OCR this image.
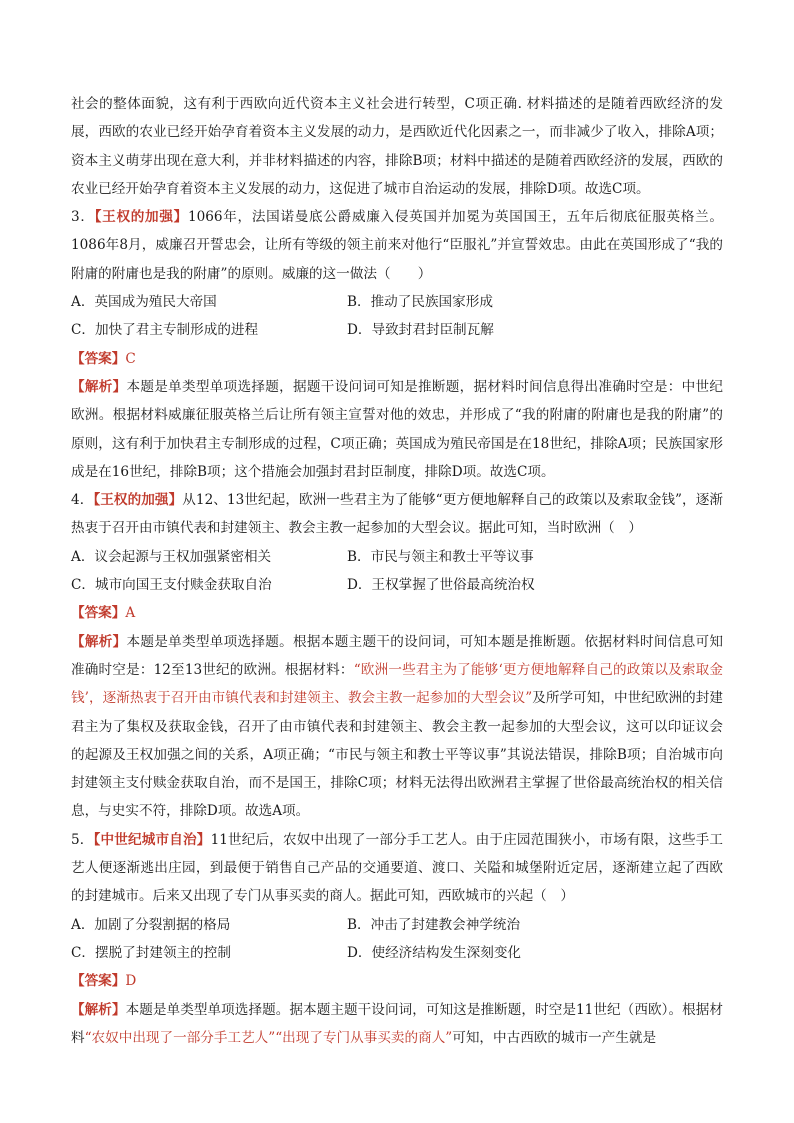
社会的整体面貌，这有利于西欧向近代资本主义社会进行转型，C项正确. 材料描述的是随着西欧经济的发展，西欧的农业已经开始孕育着资本主义发展的动力，是西欧近代化因素之一，而非减少了收入，排除A项；资本主义萌芽出现在意大利，并非材料描述的内容，排除B项；材料中描述的是随着西欧经济的发展，西欧的农业已经开始孕育着资本主义发展的动力，这促进了城市自治运动的发展，排除D项。故选C项。

3．【王权的加强】1066年，法国诺曼底公爵威廉入侵英国并加冕为英国国王，五年后彻底征服英格兰。1086年8月，威廉召开誓忠会，让所有等级的领主前来对他行“臣服礼”并宣誓效忠。由此在英国形成了“我的附庸的附庸也是我的附庸”的原则。威廉的这一做法（　　）

A．英国成为殖民大帝国	B．推动了民族国家形成
C．加快了君主专制形成的进程	D．导致封君封臣制瓦解

【答案】C

【解析】本题是单类型单项选择题，据题干设问词可知是推断题，据材料时间信息得出准确时空是：中世纪欧洲。根据材料威廉征服英格兰后让所有领主宣誓对他的效忠，并形成了“我的附庸的附庸也是我的附庸”的原则，这有利于加快君主专制形成的过程，C项正确；英国成为殖民帝国是在18世纪，排除A项；民族国家形成是在16世纪，排除B项；这个措施会加强封君封臣制度，排除D项。故选C项。

4．【王权的加强】从12、13世纪起，欧洲一些君主为了能够“更方便地解释自己的政策以及索取金钱”，逐渐热衷于召开由市镇代表和封建领主、教会主教一起参加的大型会议。据此可知，当时欧洲（　）

A．议会起源与王权加强紧密相关	B．市民与领主和教士平等议事
C．城市向国王支付赎金获取自治	D．王权掌握了世俗最高统治权

【答案】A

【解析】本题是单类型单项选择题。根据本题主题干的设问词，可知本题是推断题。依据材料时间信息可知准确时空是：12至13世纪的欧洲。根据材料：“欧洲一些君主为了能够‘更方便地解释自己的政策以及索取金钱’，逐渐热衷于召开由市镇代表和封建领主、教会主教一起参加的大型会议”及所学可知，中世纪欧洲的封建君主为了集权及获取金钱，召开了由市镇代表和封建领主、教会主教一起参加的大型会议，这可以印证议会的起源及王权加强之间的关系，A项正确；“市民与领主和教士平等议事”其说法错误，排除B项；自治城市向封建领主支付赎金获取自治，而不是国王，排除C项；材料无法得出欧洲君主掌握了世俗最高统治权的相关信息，与史实不符，排除D项。故选A项。

5．【中世纪城市自治】11世纪后，农奴中出现了一部分手工艺人。由于庄园范围狭小，市场有限，这些手工艺人便逐渐逃出庄园，到最便于销售自己产品的交通要道、渡口、关隘和城堡附近定居，逐渐建立起了西欧的封建城市。后来又出现了专门从事买卖的商人。据此可知，西欧城市的兴起（　）

A．加剧了分裂割据的格局	B．冲击了封建教会神学统治
C．摆脱了封建领主的控制	D．使经济结构发生深刻变化

【答案】D

【解析】本题是单类型单项选择题。据本题主题干设问词，可知这是推断题，时空是11世纪（西欧）。根据材料“农奴中出现了一部分手工艺人”“出现了专门从事买卖的商人”可知，中古西欧的城市一产生就是
